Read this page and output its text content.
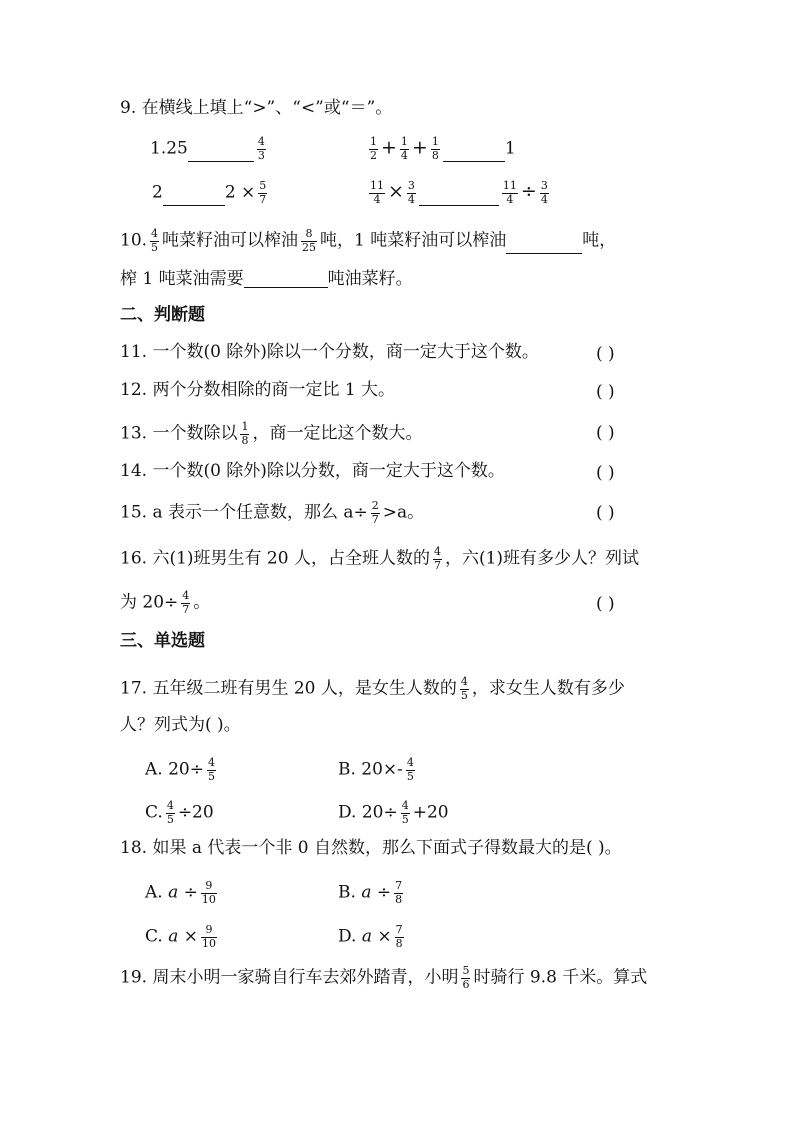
9. 在横线上填上“>”、“<”或“＝”。
1.25	$\frac{4}{3}$	$\frac{1}{2} + \frac{1}{4} + \frac{1}{8}$	1
2	$2 \times \frac{5}{7}$	$\frac{11}{4} \times \frac{3}{4}$	$\frac{11}{4} \div \frac{3}{4}$
10. $\frac{4}{5}$ 吨菜籽油可以榨油 $\frac{8}{25}$ 吨，1 吨菜籽油可以榨油	吨，
榨 1 吨菜油需要	吨油菜籽。
二、判断题
11. 一个数(0 除外)除以一个分数，商一定大于这个数。	( )
12. 两个分数相除的商一定比 1 大。	( )
13. 一个数除以 $\frac{1}{8}$ ，商一定比这个数大。	( )
14. 一个数(0 除外)除以分数，商一定大于这个数。	( )
15. a 表示一个任意数，那么 $a\div \frac{2}{7} >a$。	( )
16. 六(1)班男生有 20 人，占全班人数的 $\frac{4}{7}$ ，六(1)班有多少人？列试
为 $20\div \frac{4}{7}$ 。	( )
三、单选题
17. 五年级二班有男生 20 人，是女生人数的 $\frac{4}{5}$ ，求女生人数有多少
人？列式为( )。
A. $20\div \frac{4}{5}$	B. $20\times- \frac{4}{5}$
C. $\frac{4}{5} \div 20$	D. $20\div \frac{4}{5} +20$
18. 如果 a 代表一个非 0 自然数，那么下面式子得数最大的是( )。
A. $a \div \frac{9}{10}$	B. $a \div \frac{7}{8}$
C. $a \times \frac{9}{10}$	D. $a \times \frac{7}{8}$
19. 周末小明一家骑自行车去郊外踏青，小明 $\frac{5}{6}$ 时骑行 9.8 千米。算式
